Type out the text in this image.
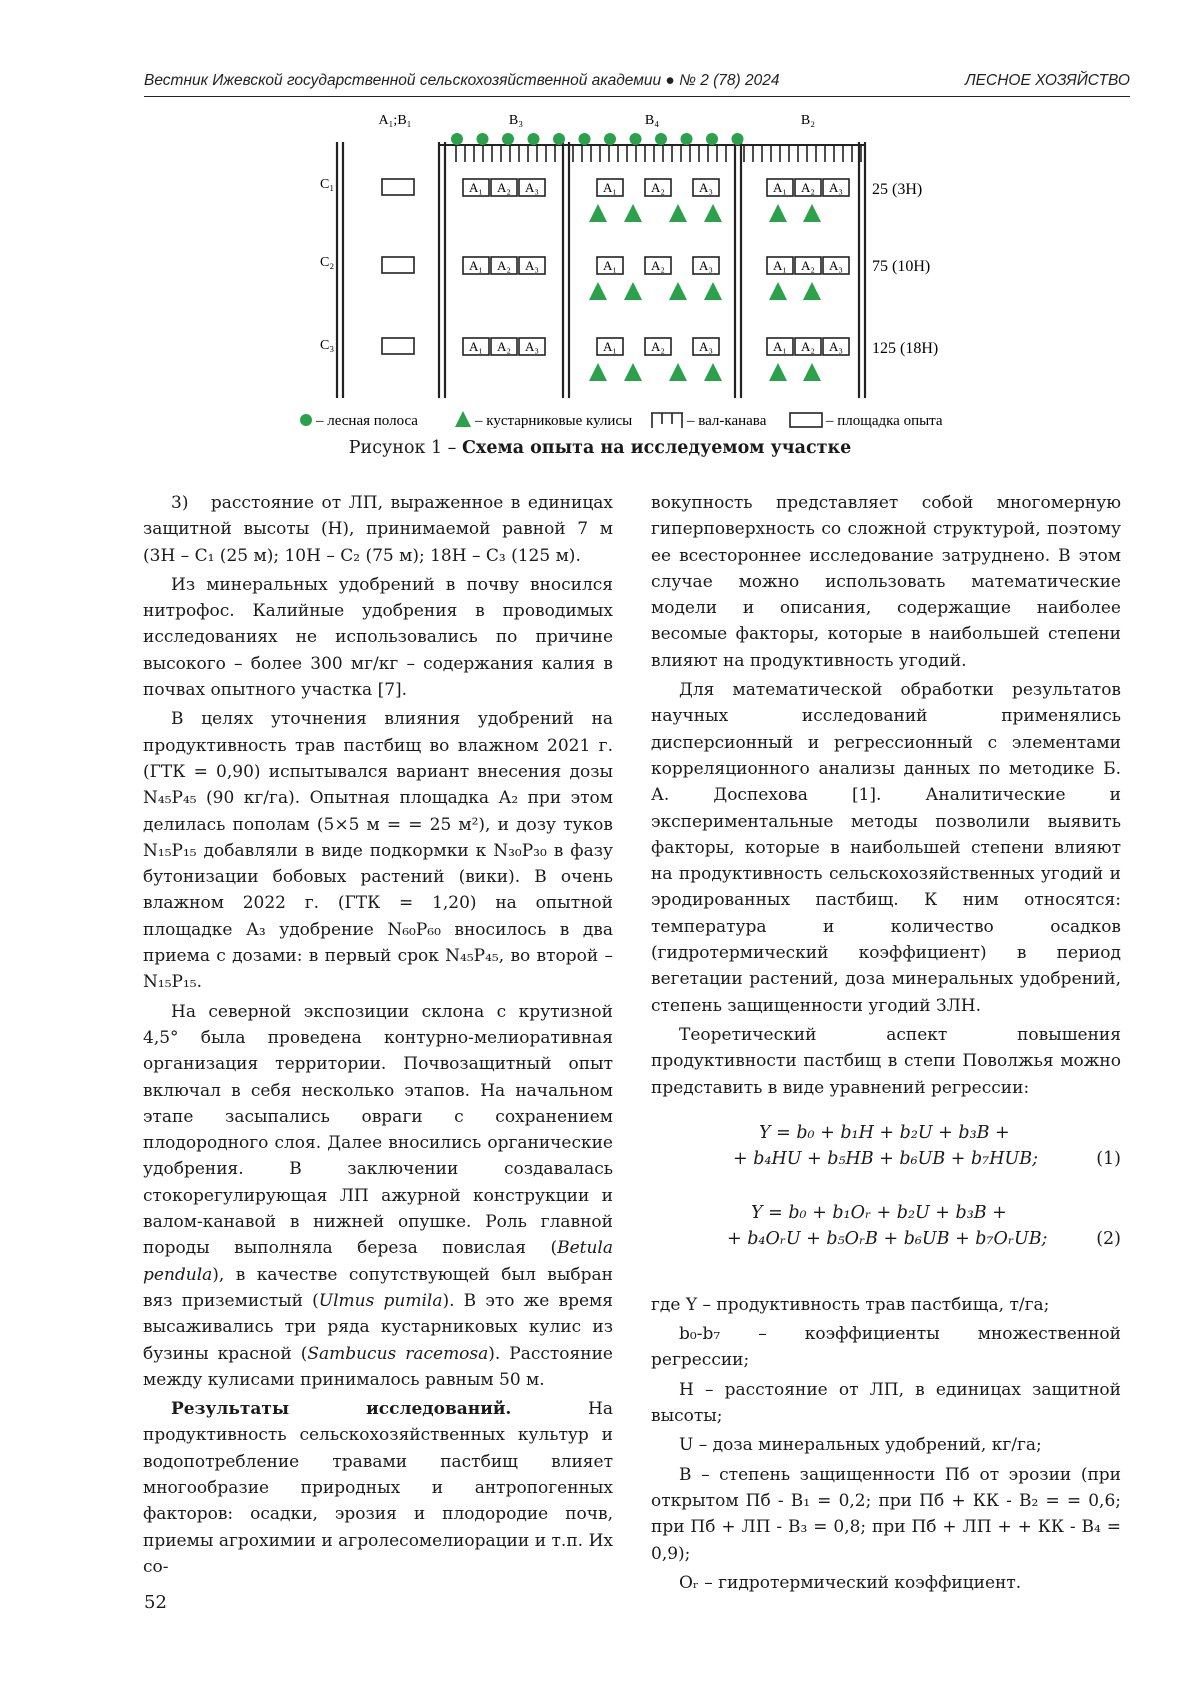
Вестник Ижевской государственной сельскохозяйственной академии ● № 2 (78) 2024	ЛЕСНОЕ ХОЗЯЙСТВО
A₁;B₁	B₃	B₄	B₂
C₁
C₂
C₃
25 (3Н)
75 (10Н)
125 (18Н)
A₁ A₂ A₃	A₁	A₂	A₃	A₁ A₂ A₃
A₁ A₂ A₃	A₁	A₂	A₃	A₁ A₂ A₃
A₁ A₂ A₃	A₁	A₂	A₃	A₁ A₂ A₃
– лесная полоса	– кустарниковые кулисы	– вал-канава	– площадка опыта
Рисунок 1 – Схема опыта на исследуемом участке

3)   расстояние от ЛП, выраженное в единицах защитной высоты (Н), принимаемой равной 7 м (3Н – С₁ (25 м); 10Н – С₂ (75 м); 18Н – С₃ (125 м).

Из минеральных удобрений в почву вносился нитрофос. Калийные удобрения в проводимых исследованиях не использовались по причине высокого – более 300 мг/кг – содержания калия в почвах опытного участка [7].

В целях уточнения влияния удобрений на продуктивность трав пастбищ во влажном 2021 г. (ГТК = 0,90) испытывался вариант внесения дозы N₄₅P₄₅ (90 кг/га). Опытная площадка А₂ при этом делилась пополам (5×5 м = = 25 м²), и дозу туков N₁₅P₁₅ добавляли в виде подкормки к N₃₀P₃₀ в фазу бутонизации бобовых растений (вики). В очень влажном 2022 г. (ГТК = 1,20) на опытной площадке А₃ удобрение N₆₀P₆₀ вносилось в два приема с дозами: в первый срок N₄₅P₄₅, во второй – N₁₅P₁₅.

На северной экспозиции склона с крутизной 4,5° была проведена контурно-мелиоративная организация территории. Почвозащитный опыт включал в себя несколько этапов. На начальном этапе засыпались овраги с сохранением плодородного слоя. Далее вносились органические удобрения. В заключении создавалась стокорегулирующая ЛП ажурной конструкции и валом-канавой в нижней опушке. Роль главной породы выполняла береза повислая (Betula pendula), в качестве сопутствующей был выбран вяз приземистый (Ulmus pumila). В это же время высаживались три ряда кустарниковых кулис из бузины красной (Sambucus racemosa). Расстояние между кулисами принималось равным 50 м.

Результаты исследований. На продуктивность сельскохозяйственных культур и водопотребление травами пастбищ влияет многообразие природных и антропогенных факторов: осадки, эрозия и плодородие почв, приемы агрохимии и агролесомелиорации и т.п. Их со-

вокупность представляет собой многомерную гиперповерхность со сложной структурой, поэтому ее всестороннее исследование затруднено. В этом случае можно использовать математические модели и описания, содержащие наиболее весомые факторы, которые в наибольшей степени влияют на продуктивность угодий.

Для математической обработки результатов научных исследований применялись дисперсионный и регрессионный с элементами корреляционного анализы данных по методике Б. А. Доспехова [1]. Аналитические и экспериментальные методы позволили выявить факторы, которые в наибольшей степени влияют на продуктивность сельскохозяйственных угодий и эродированных пастбищ. К ним относятся: температура и количество осадков (гидротермический коэффициент) в период вегетации растений, доза минеральных удобрений, степень защищенности угодий ЗЛН.

Теоретический аспект повышения продуктивности пастбищ в степи Поволжья можно представить в виде уравнений регрессии:

Y = b₀ + b₁H + b₂U + b₃B +
+ b₄HU + b₅HB + b₆UB + b₇HUB;	(1)
Y = b₀ + b₁Oᵣ + b₂U + b₃B +
+ b₄OᵣU + b₅OᵣB + b₆UB + b₇OᵣUB;	(2)

где Y – продуктивность трав пастбища, т/га;

b₀-b₇ – коэффициенты множественной регрессии;

H – расстояние от ЛП, в единицах защитной высоты;

U – доза минеральных удобрений, кг/га;

B – степень защищенности Пб от эрозии (при открытом Пб - В₁ = 0,2; при Пб + КК - В₂ = = 0,6; при Пб + ЛП - В₃ = 0,8; при Пб + ЛП + + КК - В₄ = 0,9);

Oᵣ – гидротермический коэффициент.

52
